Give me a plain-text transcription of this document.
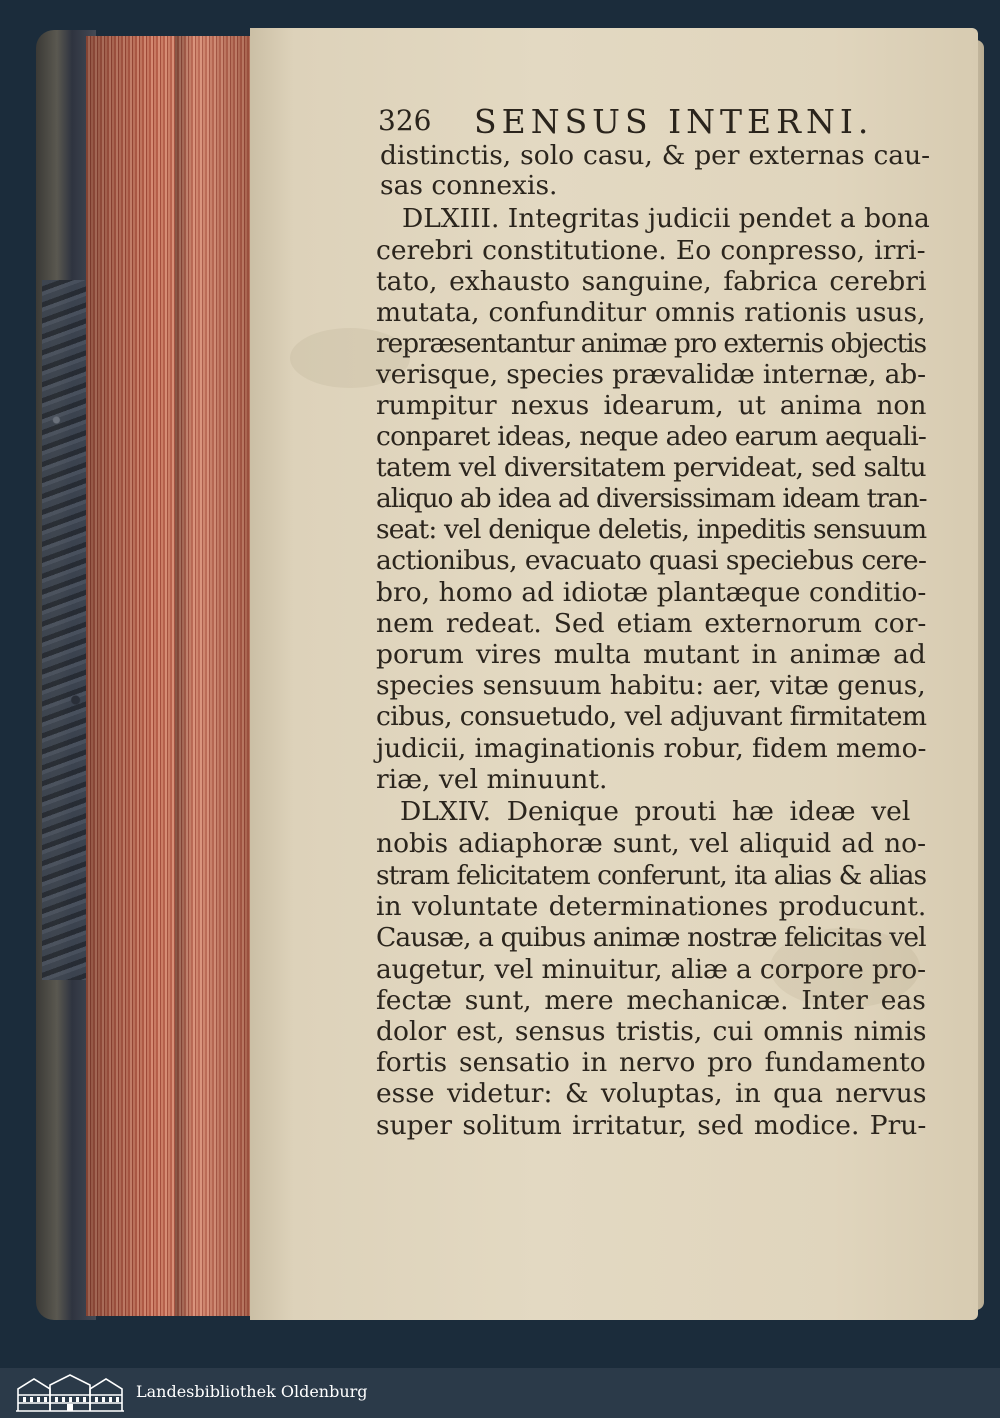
326 SENSUS INTERNI.
distinctis, solo casu, & per externas cau-
sas connexis.
DLXIII. Integritas judicii pendet a bona
cerebri constitutione. Eo conpresso, irri-
tato, exhausto sanguine, fabrica cerebri
mutata, confunditur omnis rationis usus,
repræsentantur animæ pro externis objectis
verisque, species prævalidæ internæ, ab-
rumpitur nexus idearum, ut anima non
conparet ideas, neque adeo earum aequali-
tatem vel diversitatem pervideat, sed saltu
aliquo ab idea ad diversissimam ideam tran-
seat: vel denique deletis, inpeditis sensuum
actionibus, evacuato quasi speciebus cere-
bro, homo ad idiotæ plantæque conditio-
nem redeat. Sed etiam externorum cor-
porum vires multa mutant in animæ ad
species sensuum habitu: aer, vitæ genus,
cibus, consuetudo, vel adjuvant firmitatem
judicii, imaginationis robur, fidem memo-
riæ, vel minuunt.
DLXIV. Denique prouti hæ ideæ vel
nobis adiaphoræ sunt, vel aliquid ad no-
stram felicitatem conferunt, ita alias & alias
in voluntate determinationes producunt.
Causæ, a quibus animæ nostræ felicitas vel
augetur, vel minuitur, aliæ a corpore pro-
fectæ sunt, mere mechanicæ. Inter eas
dolor est, sensus tristis, cui omnis nimis
fortis sensatio in nervo pro fundamento
esse videtur: & voluptas, in qua nervus
super solitum irritatur, sed modice. Pru-
Landesbibliothek Oldenburg
